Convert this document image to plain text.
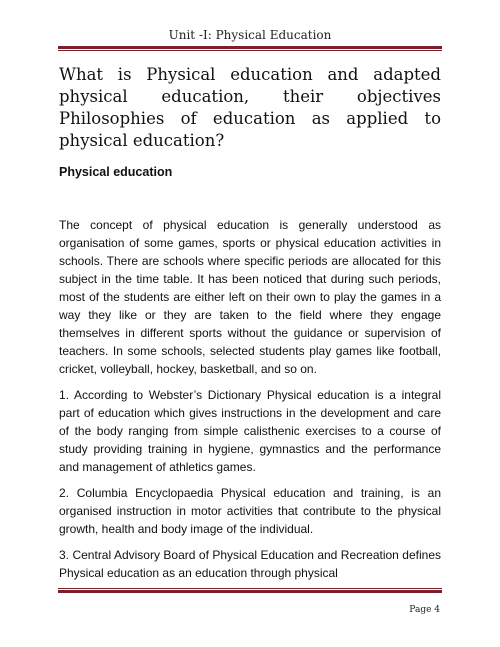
Unit -I: Physical Education
What is Physical education and adapted physical education, their objectives Philosophies of education as applied to physical education?
Physical education

The concept of physical education is generally understood as organisation of some games, sports or physical education activities in schools. There are schools where specific periods are allocated for this subject in the time table. It has been noticed that during such periods, most of the students are either left on their own to play the games in a way they like or they are taken to the field where they engage themselves in different sports without the guidance or supervision of teachers. In some schools, selected students play games like football, cricket, volleyball, hockey, basketball, and so on.

1. According to Webster’s Dictionary Physical education is a integral part of education which gives instructions in the development and care of the body ranging from simple calisthenic exercises to a course of study providing training in hygiene, gymnastics and the performance and management of athletics games.

2. Columbia Encyclopaedia Physical education and training, is an organised instruction in motor activities that contribute to the physical growth, health and body image of the individual.

3. Central Advisory Board of Physical Education and Recreation defines Physical education as an education through physical

Page 4
